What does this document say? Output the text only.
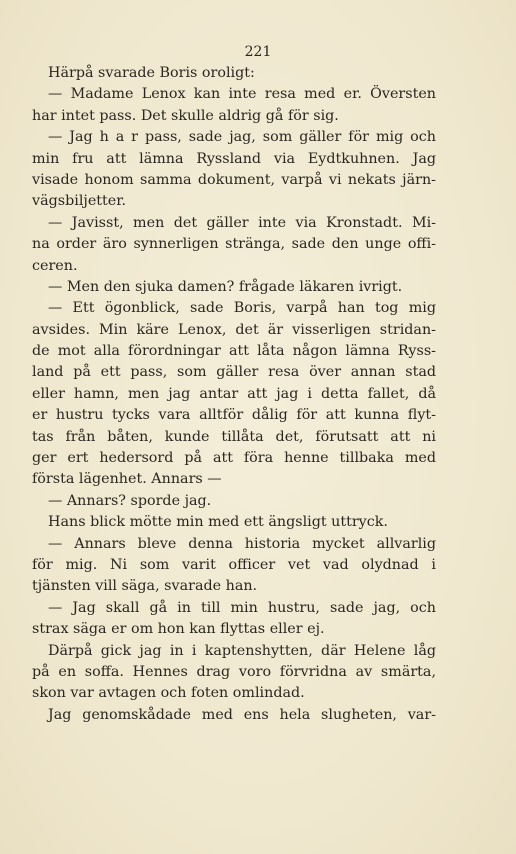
221
Härpå svarade Boris oroligt:
— Madame Lenox kan inte resa med er. Översten
har intet pass. Det skulle aldrig gå för sig.
— Jag h a r pass, sade jag, som gäller för mig och
min fru att lämna Ryssland via Eydtkuhnen. Jag
visade honom samma dokument, varpå vi nekats järn-
vägsbiljetter.
— Javisst, men det gäller inte via Kronstadt. Mi-
na order äro synnerligen stränga, sade den unge offi-
ceren.
— Men den sjuka damen? frågade läkaren ivrigt.
— Ett ögonblick, sade Boris, varpå han tog mig
avsides. Min käre Lenox, det är visserligen stridan-
de mot alla förordningar att låta någon lämna Ryss-
land på ett pass, som gäller resa över annan stad
eller hamn, men jag antar att jag i detta fallet, då
er hustru tycks vara alltför dålig för att kunna flyt-
tas från båten, kunde tillåta det, förutsatt att ni
ger ert hedersord på att föra henne tillbaka med
första lägenhet. Annars —
— Annars? sporde jag.
Hans blick mötte min med ett ängsligt uttryck.
— Annars bleve denna historia mycket allvarlig
för mig. Ni som varit officer vet vad olydnad i
tjänsten vill säga, svarade han.
— Jag skall gå in till min hustru, sade jag, och
strax säga er om hon kan flyttas eller ej.
Därpå gick jag in i kaptenshytten, där Helene låg
på en soffa. Hennes drag voro förvridna av smärta,
skon var avtagen och foten omlindad.
Jag genomskådade med ens hela slugheten, var-
